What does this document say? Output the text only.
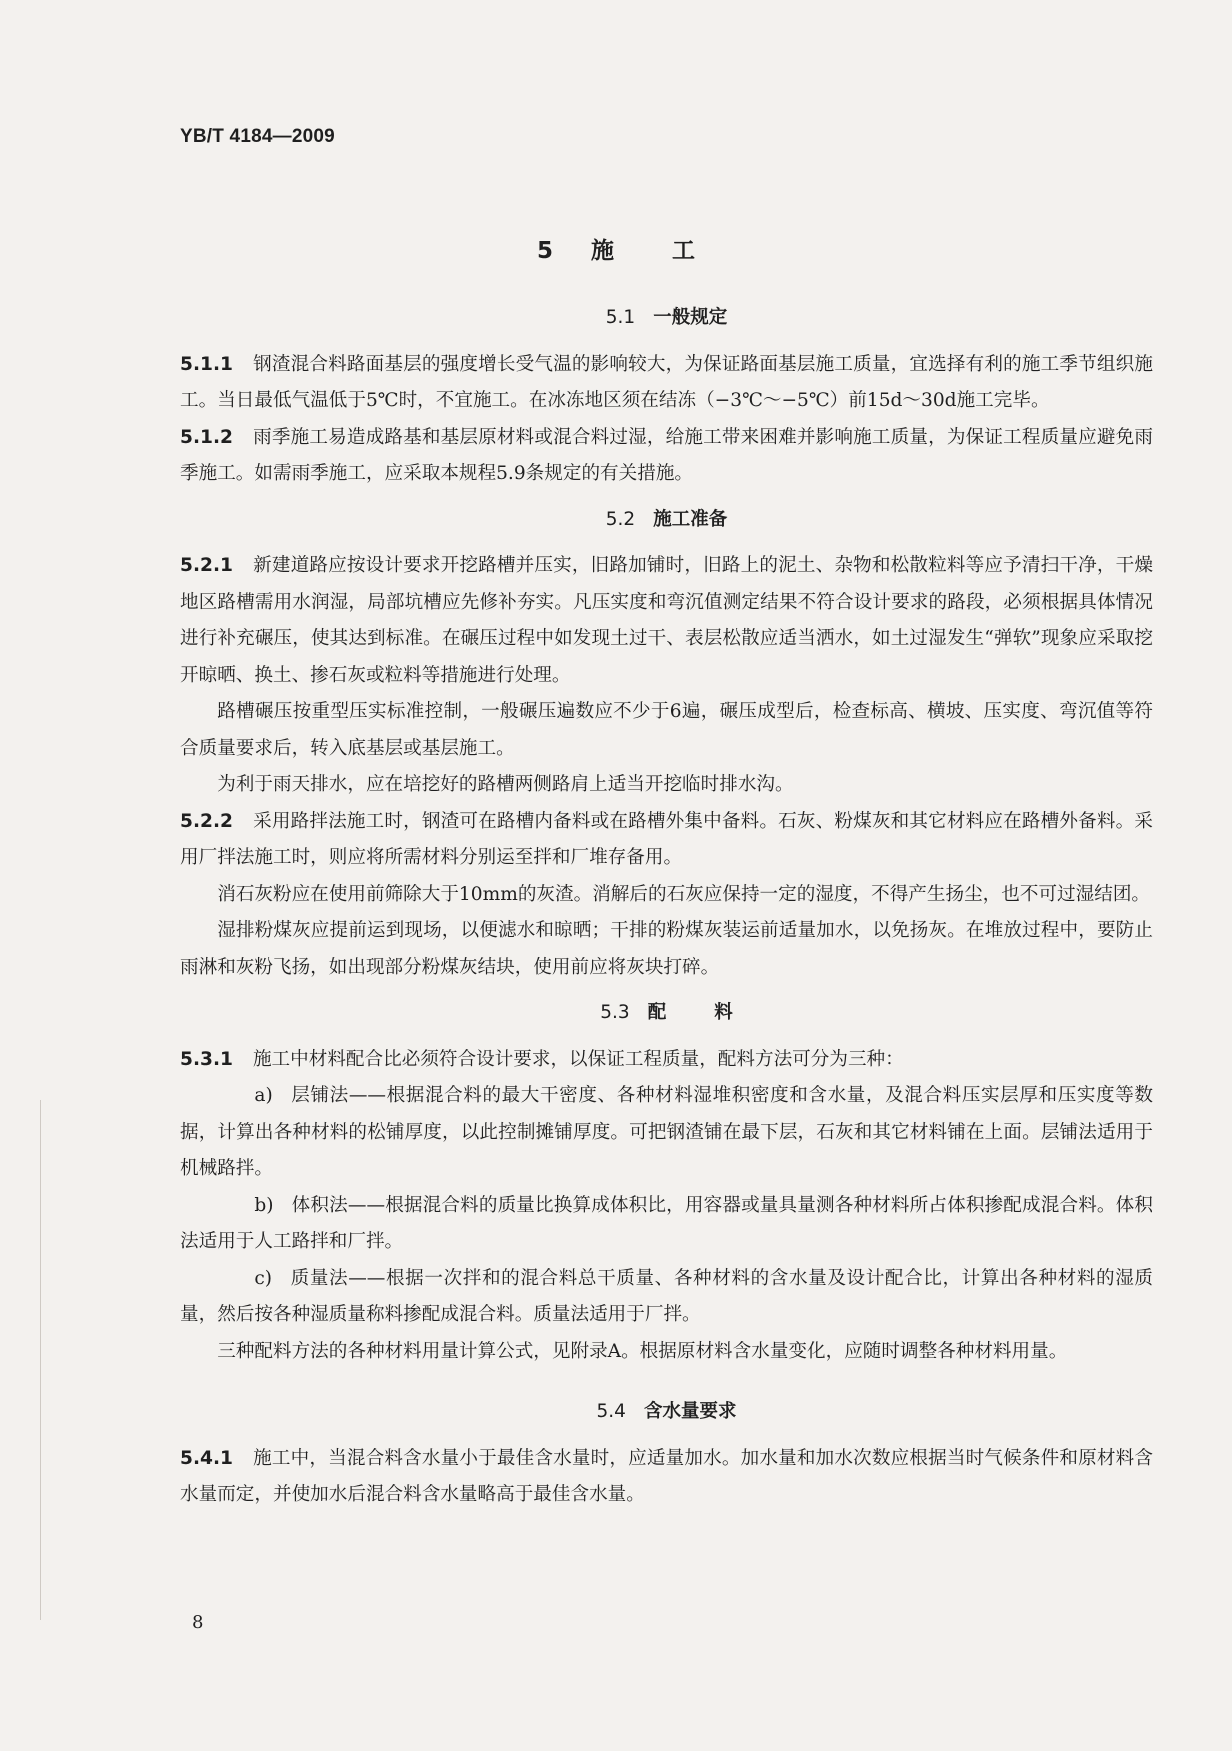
YB/T 4184—2009
5 施	工
5.1 一般规定

5.1.1 钢渣混合料路面基层的强度增长受气温的影响较大，为保证路面基层施工质量，宜选择有利的施工季节组织施工。当日最低气温低于5℃时，不宜施工。在冰冻地区须在结冻（−3℃～−5℃）前15d～30d施工完毕。

5.1.2 雨季施工易造成路基和基层原材料或混合料过湿，给施工带来困难并影响施工质量，为保证工程质量应避免雨季施工。如需雨季施工，应采取本规程5.9条规定的有关措施。

5.2 施工准备

5.2.1 新建道路应按设计要求开挖路槽并压实，旧路加铺时，旧路上的泥土、杂物和松散粒料等应予清扫干净，干燥地区路槽需用水润湿，局部坑槽应先修补夯实。凡压实度和弯沉值测定结果不符合设计要求的路段，必须根据具体情况进行补充碾压，使其达到标准。在碾压过程中如发现土过干、表层松散应适当洒水，如土过湿发生“弹软”现象应采取挖开晾晒、换土、掺石灰或粒料等措施进行处理。

路槽碾压按重型压实标准控制，一般碾压遍数应不少于6遍，碾压成型后，检查标高、横坡、压实度、弯沉值等符合质量要求后，转入底基层或基层施工。

为利于雨天排水，应在培挖好的路槽两侧路肩上适当开挖临时排水沟。

5.2.2 采用路拌法施工时，钢渣可在路槽内备料或在路槽外集中备料。石灰、粉煤灰和其它材料应在路槽外备料。采用厂拌法施工时，则应将所需材料分别运至拌和厂堆存备用。

消石灰粉应在使用前筛除大于10mm的灰渣。消解后的石灰应保持一定的湿度，不得产生扬尘，也不可过湿结团。

湿排粉煤灰应提前运到现场，以便滤水和晾晒；干排的粉煤灰装运前适量加水，以免扬灰。在堆放过程中，要防止雨淋和灰粉飞扬，如出现部分粉煤灰结块，使用前应将灰块打碎。

5.3 配	料

5.3.1 施工中材料配合比必须符合设计要求，以保证工程质量，配料方法可分为三种：

a) 层铺法——根据混合料的最大干密度、各种材料湿堆积密度和含水量，及混合料压实层厚和压实度等数据，计算出各种材料的松铺厚度，以此控制摊铺厚度。可把钢渣铺在最下层，石灰和其它材料铺在上面。层铺法适用于机械路拌。

b) 体积法——根据混合料的质量比换算成体积比，用容器或量具量测各种材料所占体积掺配成混合料。体积法适用于人工路拌和厂拌。

c) 质量法——根据一次拌和的混合料总干质量、各种材料的含水量及设计配合比，计算出各种材料的湿质量，然后按各种湿质量称料掺配成混合料。质量法适用于厂拌。

三种配料方法的各种材料用量计算公式，见附录A。根据原材料含水量变化，应随时调整各种材料用量。

5.4 含水量要求

5.4.1 施工中，当混合料含水量小于最佳含水量时，应适量加水。加水量和加水次数应根据当时气候条件和原材料含水量而定，并使加水后混合料含水量略高于最佳含水量。

8
